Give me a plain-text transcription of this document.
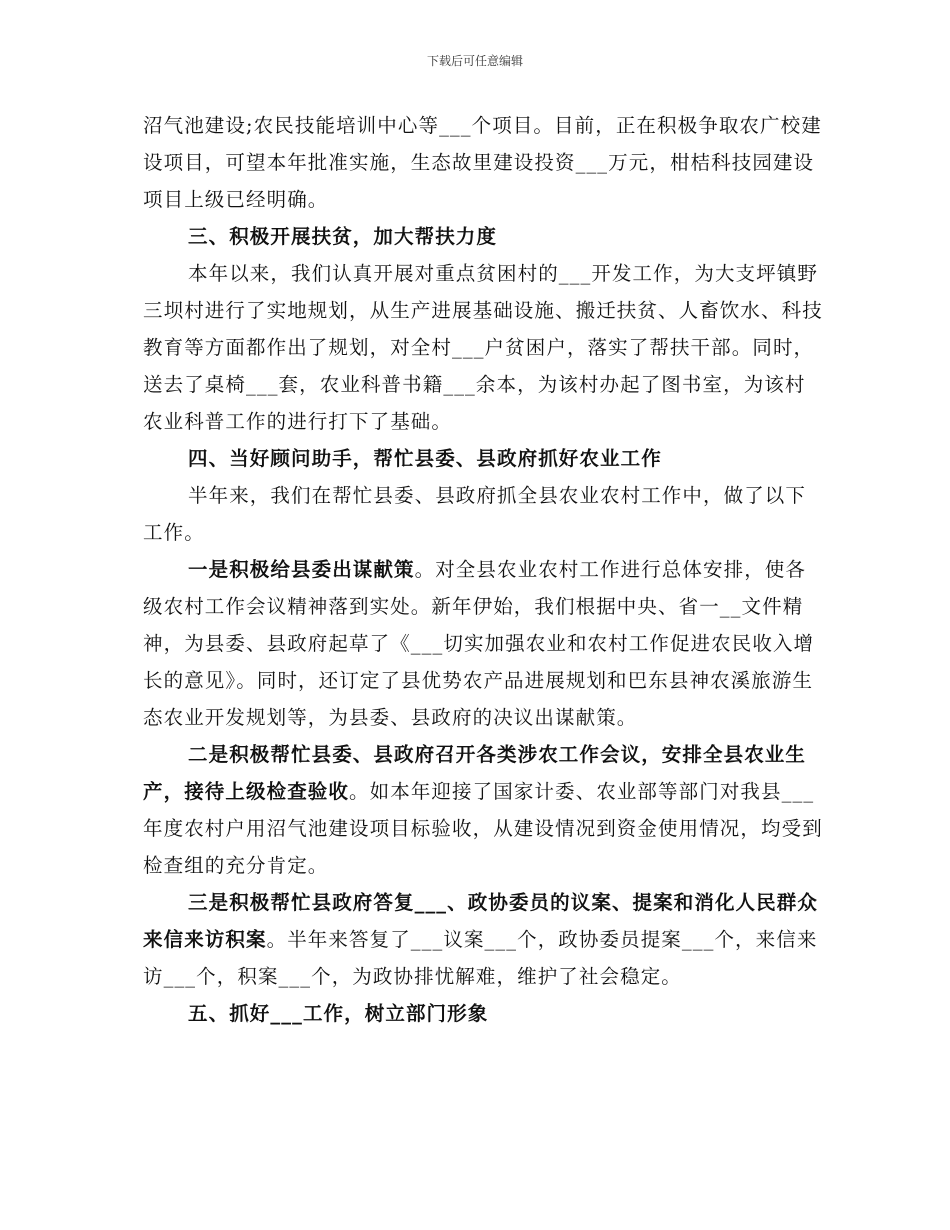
下载后可任意编辑

沼气池建设;农民技能培训中心等___个项目。目前，正在积极争取农广校建设项目，可望本年批准实施，生态故里建设投资___万元，柑桔科技园建设项目上级已经明确。

三、积极开展扶贫，加大帮扶力度

本年以来，我们认真开展对重点贫困村的___开发工作，为大支坪镇野三坝村进行了实地规划，从生产进展基础设施、搬迁扶贫、人畜饮水、科技教育等方面都作出了规划，对全村___户贫困户，落实了帮扶干部。同时，送去了桌椅___套，农业科普书籍___余本，为该村办起了图书室，为该村农业科普工作的进行打下了基础。

四、当好顾问助手，帮忙县委、县政府抓好农业工作

半年来，我们在帮忙县委、县政府抓全县农业农村工作中，做了以下工作。

一是积极给县委出谋献策。对全县农业农村工作进行总体安排，使各级农村工作会议精神落到实处。新年伊始，我们根据中央、省一__文件精神，为县委、县政府起草了《___切实加强农业和农村工作促进农民收入增长的意见》。同时，还订定了县优势农产品进展规划和巴东县神农溪旅游生态农业开发规划等，为县委、县政府的决议出谋献策。

二是积极帮忙县委、县政府召开各类涉农工作会议，安排全县农业生产，接待上级检查验收。如本年迎接了国家计委、农业部等部门对我县___年度农村户用沼气池建设项目标验收，从建设情况到资金使用情况，均受到检查组的充分肯定。

三是积极帮忙县政府答复___、政协委员的议案、提案和消化人民群众来信来访积案。半年来答复了___议案___个，政协委员提案___个，来信来访___个，积案___个，为政协排忧解难，维护了社会稳定。

五、抓好___工作，树立部门形象
